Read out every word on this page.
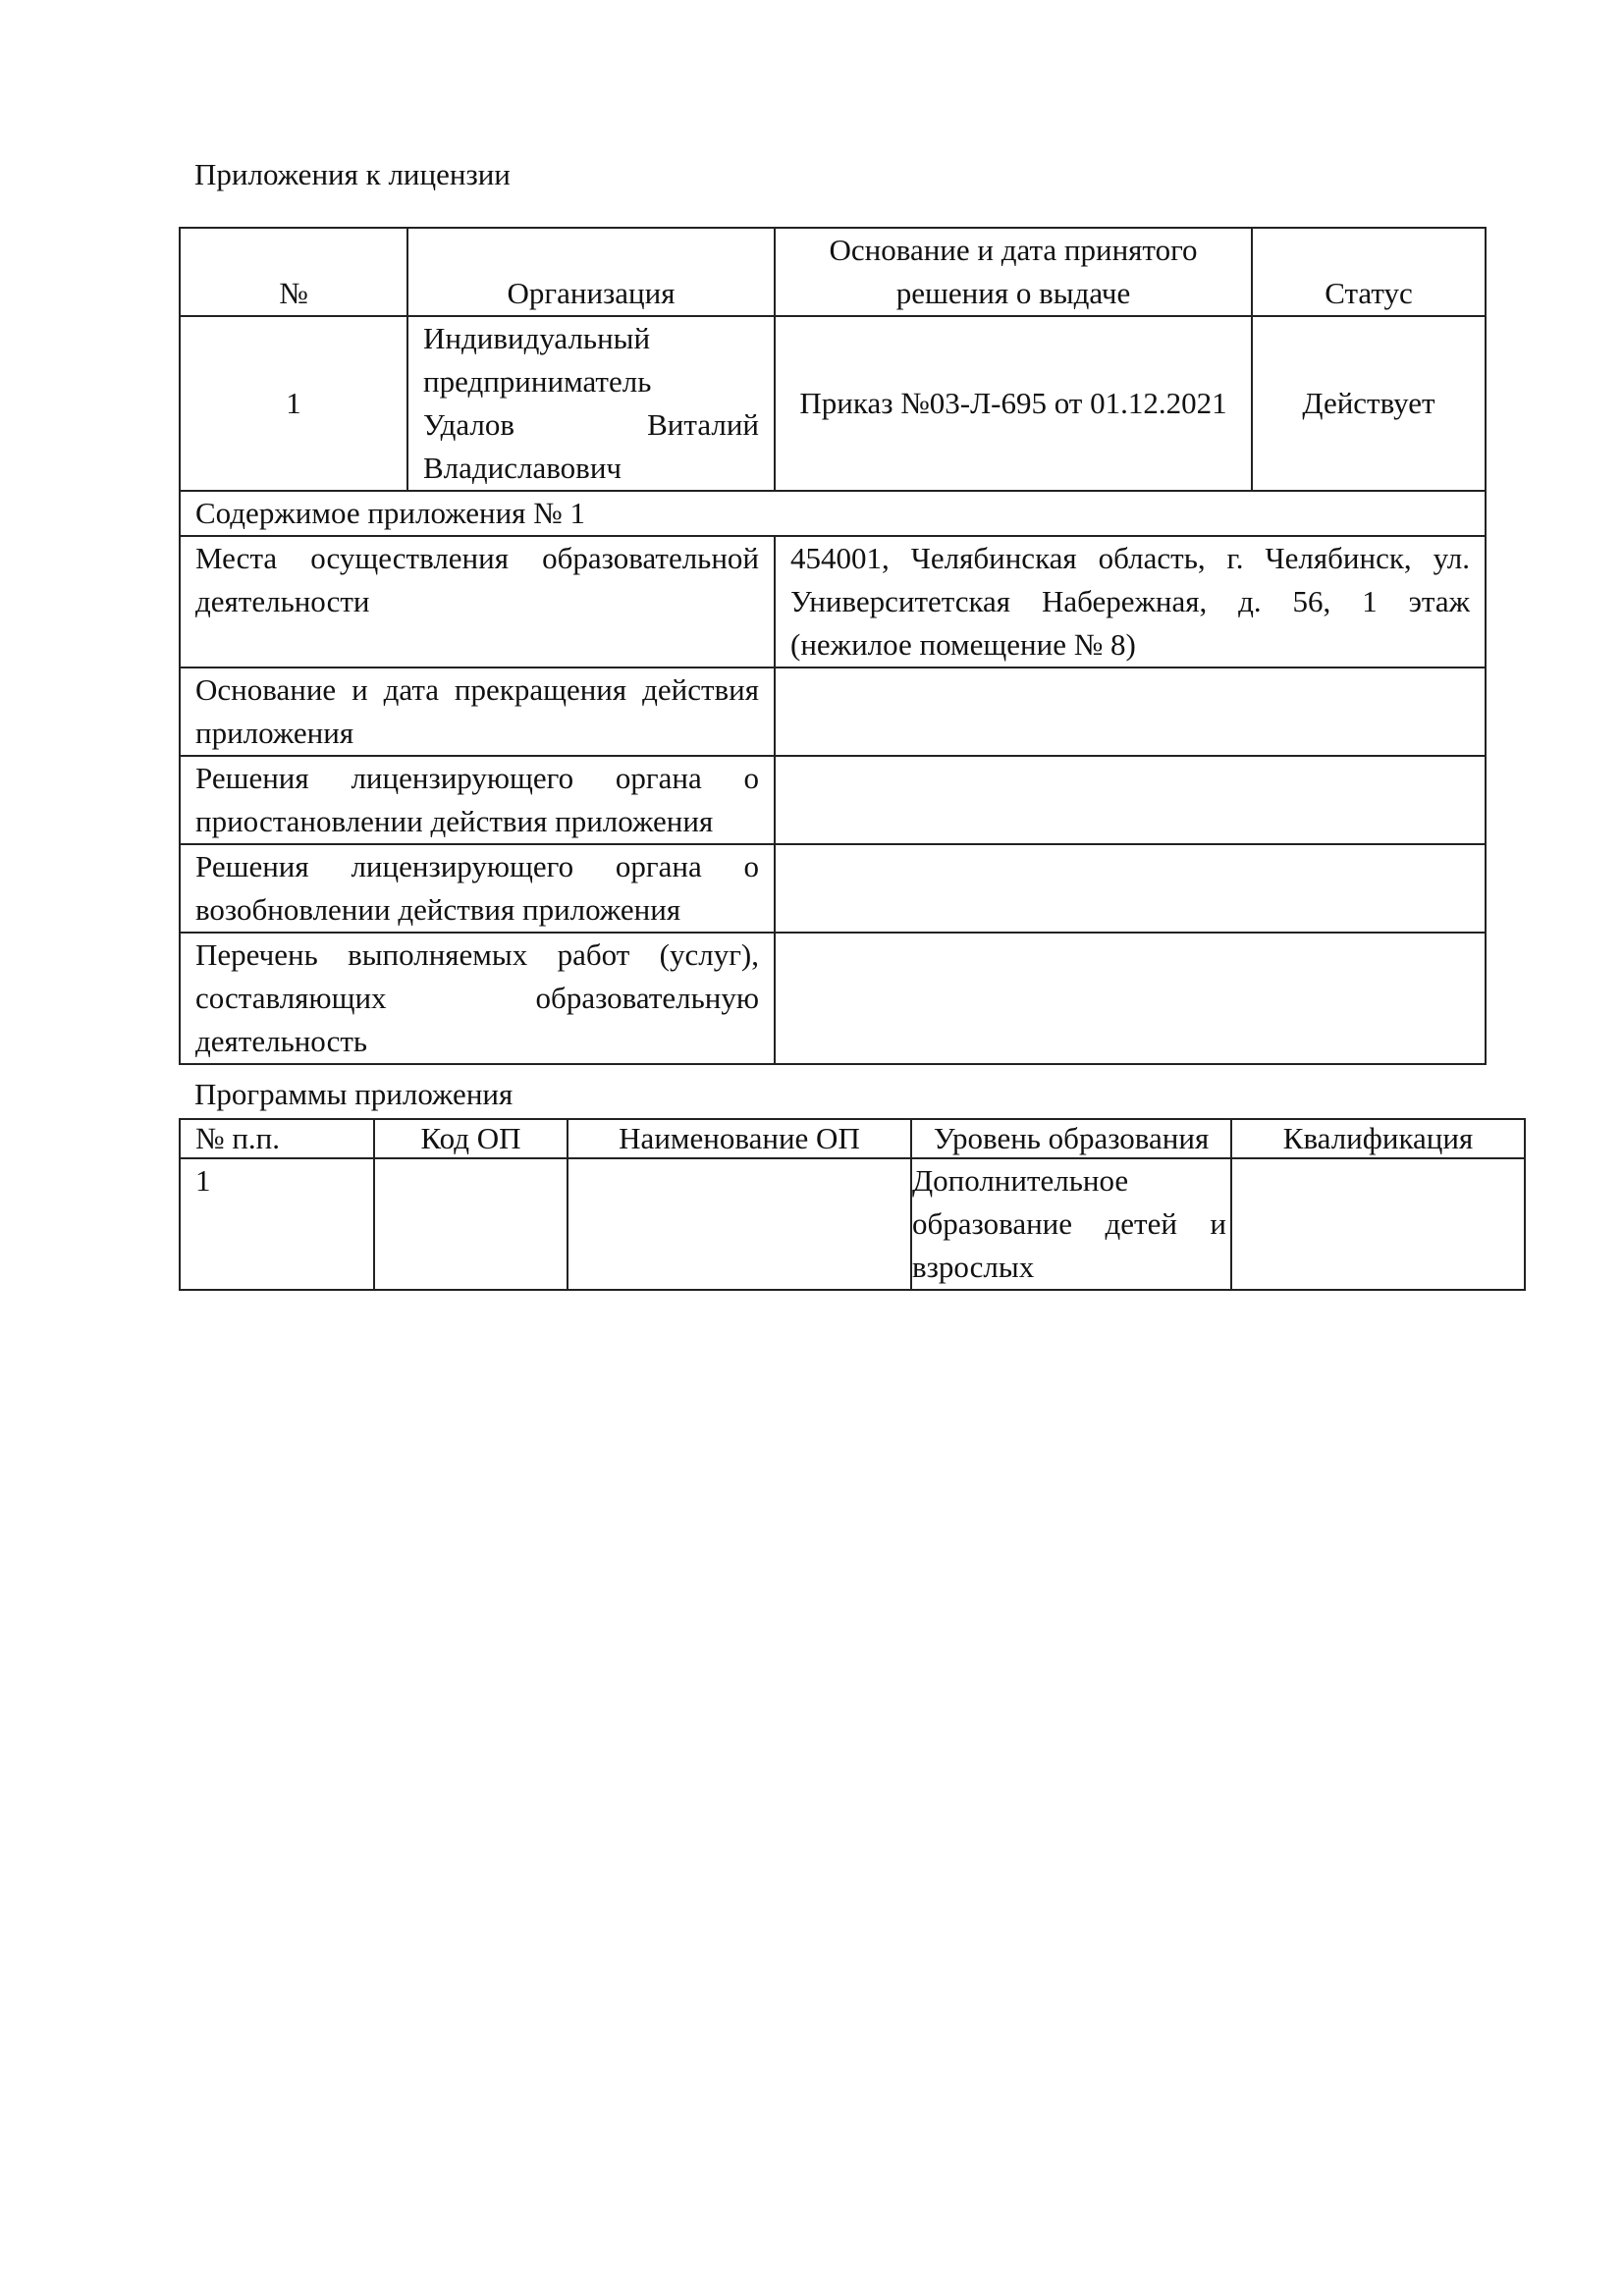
Приложения к лицензии
№	Организация	Основание и дата принятого решения о выдаче	Статус
1	Индивидуальный
предприниматель
Удалов Виталий
Владиславович	Приказ №03-Л-695 от 01.12.2021	Действует
Содержимое приложения № 1			
Места осуществления образовательной деятельности		454001, Челябинская область, г. Челябинск, ул. Университетская Набережная, д. 56, 1 этаж (нежилое помещение № 8)	
Основание и дата прекращения действия приложения			
Решения лицензирующего органа о приостановлении действия приложения			
Решения лицензирующего органа о возобновлении действия приложения			
Перечень выполняемых работ (услуг), составляющих образовательную деятельность			
Программы приложения
№ п.п.	Код ОП	Наименование ОП	Уровень образования	Квалификация
1			Дополнительное образование детей и взрослых	
